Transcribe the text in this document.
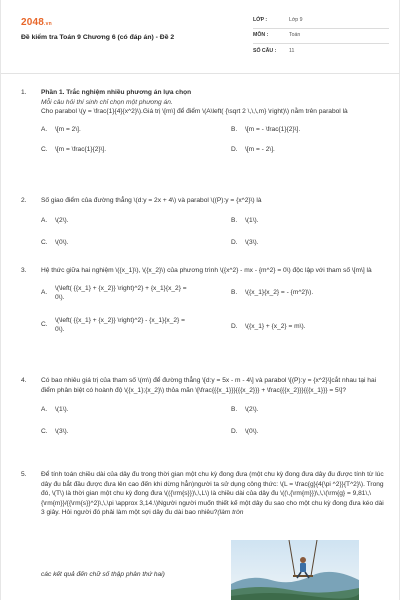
2048.vn
Đề kiểm tra Toán 9 Chương 6 (có đáp án) - Đề 2
LỚP :	Lớp 9
MÔN :	Toán
SỐ CÂU :	11
1.	Phần 1. Trắc nghiệm nhiều phương án lựa chọn
Mỗi câu hỏi thí sinh chỉ chọn một phương án.
Cho parabol \(y = \frac{1}{4}{x^2}\).Giá trị \[m\] để điểm \(A\left( {\sqrt 2 \,\,\,m} \right)\) nằm trên parabol là
A.	\[m = 2\].	B.	\[m = - \frac{1}{2}\].
C.	\[m = \frac{1}{2}\].	D.	\[m = - 2\].
2.	Số giao điểm của đường thẳng \(d:y = 2x + 4\) và parabol \((P):y = {x^2}\) là
A.	\(2\).	B.	\(1\).
C.	\(0\).	D.	\(3\).
3.	Hệ thức giữa hai nghiệm \({x_1}\), \({x_2}\) của phương trình \({x^2} - mx - {m^2} = 0\) độc lập với tham số \[m\] là
A.
\(\left( {{x_1} + {x_2}} \right)^2} + {x_1}{x_2} = 0\).
B.	\({x_1}{x_2} = - {m^2}\).
C.
\(\left( {{x_1} + {x_2}} \right)^2} - {x_1}{x_2} = 0\).
D.	\({x_1} + {x_2} = m\).
4.	Có bao nhiêu giá trị của tham số \(m\) để đường thẳng \[d:y = 5x - m - 4\] và parabol \[(P):y = {x^2}\]cắt nhau tại hai điểm phân biệt có hoành độ \({x_1};{x_2}\) thỏa mãn \[\frac{{{x_1}}}{{{x_2}}} + \frac{{{x_2}}}{{{x_1}}} = 5\]?
A.	\(1\).	B.	\(2\).
C.	\(3\).	D.	\(0\).
5.	Để tính toán chiều dài của dây đu trong thời gian một chu kỳ đong đưa (một chu kỳ đong đưa dây đu được tính từ lúc dây đu bắt đầu được đưa lên cao đến khi dừng hẳn)người ta sử dụng công thức: \(L = \frac{g}{4{\pi ^2}}{T^2}\). Trong đó, \(T\) là thời gian một chu kỳ đong đưa \(({\rm{s}})\,\,L\) là chiều dài của dây đu \((\,{\rm{m}})\,\,\(\rm{g} = 9,81\,\{\rm{m}}/{{\rm{s}}^2}\,\,\pi \approx 3,14.\)Người người muốn thiết kế một dây đu sao cho một chu kỳ đong đưa kéo dài 3 giây. Hỏi người đó phải làm một sợi dây đu dài bao nhiêu?(làm tròn
các kết quả đến chữ số thập phân thứ hai)
